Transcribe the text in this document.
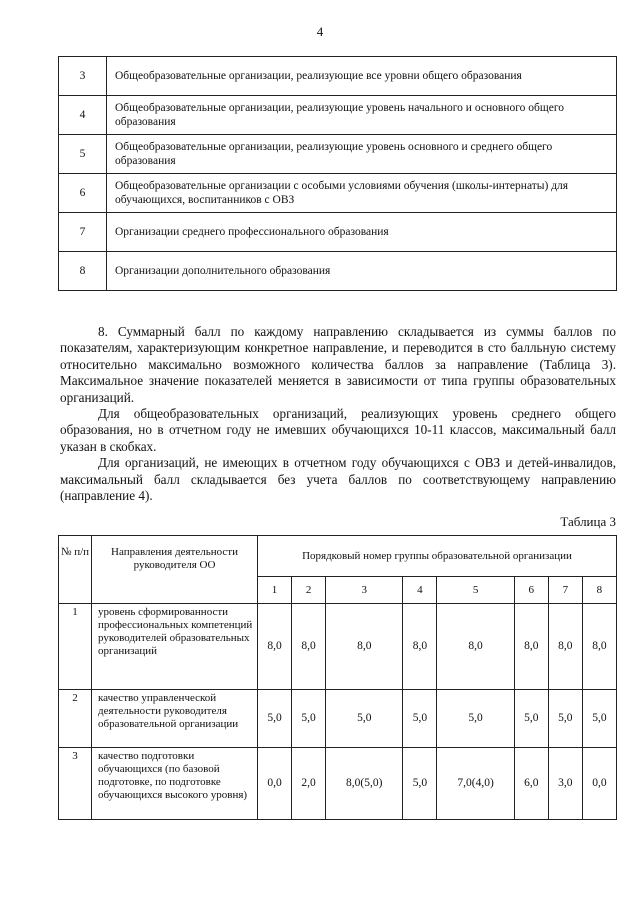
4
3	Общеобразовательные организации, реализующие все уровни общего образования
4	Общеобразовательные организации, реализующие уровень начального и основного общего образования
5	Общеобразовательные организации, реализующие уровень основного и среднего общего образования
6	Общеобразовательные организации с особыми условиями обучения (школы-интернаты) для обучающихся, воспитанников с ОВЗ
7	Организации среднего профессионального образования
8	Организации дополнительного образования

8. Суммарный балл по каждому направлению складывается из суммы баллов по показателям, характеризующим конкретное направление, и переводится в сто балльную систему относительно максимально возможного количества баллов за направление (Таблица 3). Максимальное значение показателей меняется в зависимости от типа группы образовательных организаций.

Для общеобразовательных организаций, реализующих уровень среднего общего образования, но в отчетном году не имевших обучающихся 10-11 классов, максимальный балл указан в скобках.

Для организаций, не имеющих в отчетном году обучающихся с ОВЗ и детей-инвалидов, максимальный балл складывается без учета баллов по соответствующему направлению (направление 4).

Таблица 3
№ п/п	Направления деятельности руководителя ОО	Порядковый номер группы образовательной организации							
		1	2	3	4	5	6	7	8
1	уровень сформированности профессиональных компетенций руководителей образовательных организаций	8,0	8,0	8,0	8,0	8,0	8,0	8,0	8,0
2	качество управленческой деятельности руководителя образовательной организации	5,0	5,0	5,0	5,0	5,0	5,0	5,0	5,0
3	качество подготовки обучающихся (по базовой подготовке, по подготовке обучающихся высокого уровня)	0,0	2,0	8,0(5,0)	5,0	7,0(4,0)	6,0	3,0	0,0
